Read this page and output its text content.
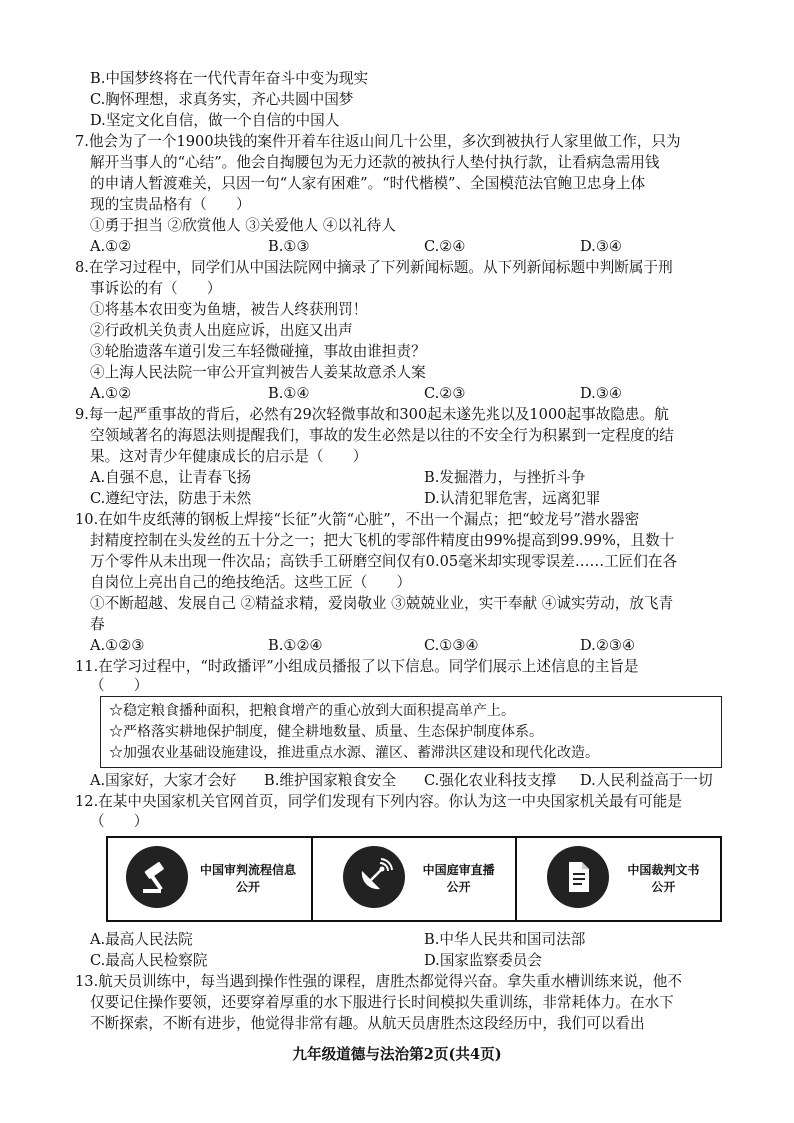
B.中国梦终将在一代代青年奋斗中变为现实
C.胸怀理想，求真务实，齐心共圆中国梦
D.坚定文化自信，做一个自信的中国人
7.他会为了一个1900块钱的案件开着车往返山间几十公里，多次到被执行人家里做工作，只为
解开当事人的“心结”。他会自掏腰包为无力还款的被执行人垫付执行款，让看病急需用钱
的申请人暂渡难关，只因一句“人家有困难”。“时代楷模”、全国模范法官鲍卫忠身上体
现的宝贵品格有（　　）
①勇于担当 ②欣赏他人 ③关爱他人 ④以礼待人
A.①②	B.①③	C.②④	D.③④
8.在学习过程中，同学们从中国法院网中摘录了下列新闻标题。从下列新闻标题中判断属于刑
事诉讼的有（　　）
①将基本农田变为鱼塘，被告人终获刑罚！
②行政机关负责人出庭应诉，出庭又出声
③轮胎遗落车道引发三车轻微碰撞，事故由谁担责？
④上海人民法院一审公开宣判被告人姜某故意杀人案
A.①②	B.①④	C.②③	D.③④
9.每一起严重事故的背后，必然有29次轻微事故和300起未遂先兆以及1000起事故隐患。航
空领域著名的海恩法则提醒我们，事故的发生必然是以往的不安全行为积累到一定程度的结
果。这对青少年健康成长的启示是（　　）
A.自强不息，让青春飞扬	B.发掘潜力，与挫折斗争
C.遵纪守法，防患于未然	D.认清犯罪危害，远离犯罪
10.在如牛皮纸薄的钢板上焊接“长征”火箭“心脏”，不出一个漏点；把“蛟龙号”潜水器密
封精度控制在头发丝的五十分之一；把大飞机的零部件精度由99%提高到99.99%，且数十
万个零件从未出现一件次品；高铁手工研磨空间仅有0.05毫米却实现零误差……工匠们在各
自岗位上亮出自己的绝技绝活。这些工匠（　　）
①不断超越、发展自己 ②精益求精，爱岗敬业 ③兢兢业业，实干奉献 ④诚实劳动，放飞青
春
A.①②③	B.①②④	C.①③④	D.②③④
11.在学习过程中，“时政播评”小组成员播报了以下信息。同学们展示上述信息的主旨是
（　　）
☆稳定粮食播种面积，把粮食增产的重心放到大面积提高单产上。
☆严格落实耕地保护制度，健全耕地数量、质量、生态保护制度体系。
☆加强农业基础设施建设，推进重点水源、灌区、蓄滞洪区建设和现代化改造。
A.国家好，大家才会好 B.维护国家粮食安全 C.强化农业科技支撑 D.人民利益高于一切
12.在某中央国家机关官网首页，同学们发现有下列内容。你认为这一中央国家机关最有可能是
（　　）
中国审判流程信息
公开
中国庭审直播
公开
中国裁判文书
公开
A.最高人民法院	B.中华人民共和国司法部
C.最高人民检察院	D.国家监察委员会
13.航天员训练中，每当遇到操作性强的课程，唐胜杰都觉得兴奋。拿失重水槽训练来说，他不
仅要记住操作要领，还要穿着厚重的水下服进行长时间模拟失重训练，非常耗体力。在水下
不断探索，不断有进步，他觉得非常有趣。从航天员唐胜杰这段经历中，我们可以看出
九年级道德与法治第2页(共4页)
